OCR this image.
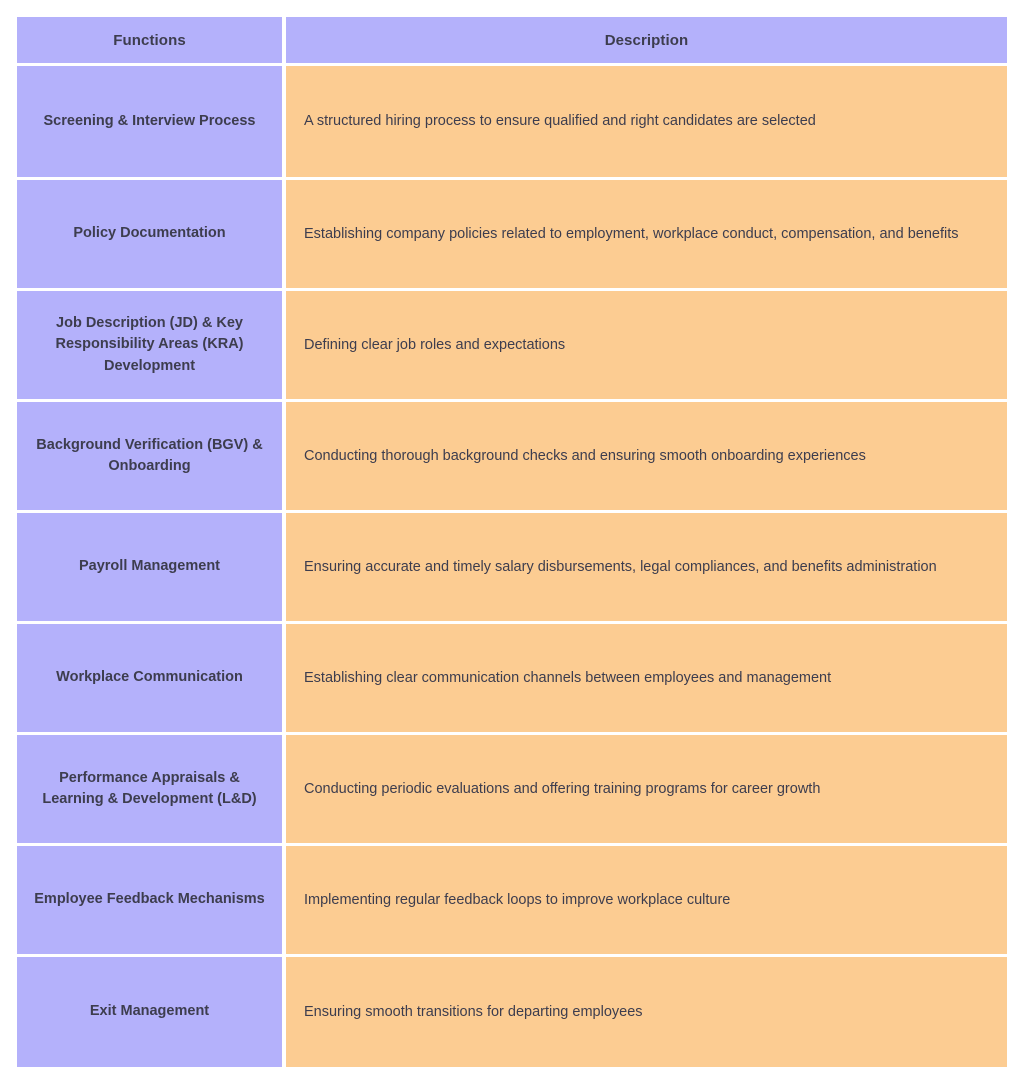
Functions		Description
Screening & Interview Process		A structured hiring process to ensure qualified and right candidates are selected
Policy Documentation		Establishing company policies related to employment, workplace conduct, compensation, and benefits
Job Description (JD) & Key Responsibility Areas (KRA) Development		Defining clear job roles and expectations
Background Verification (BGV) & Onboarding		Conducting thorough background checks and ensuring smooth onboarding experiences
Payroll Management		Ensuring accurate and timely salary disbursements, legal compliances, and benefits administration
Workplace Communication		Establishing clear communication channels between employees and management
Performance Appraisals & Learning & Development (L&D)		Conducting periodic evaluations and offering training programs for career growth
Employee Feedback Mechanisms		Implementing regular feedback loops to improve workplace culture
Exit Management		Ensuring smooth transitions for departing employees
